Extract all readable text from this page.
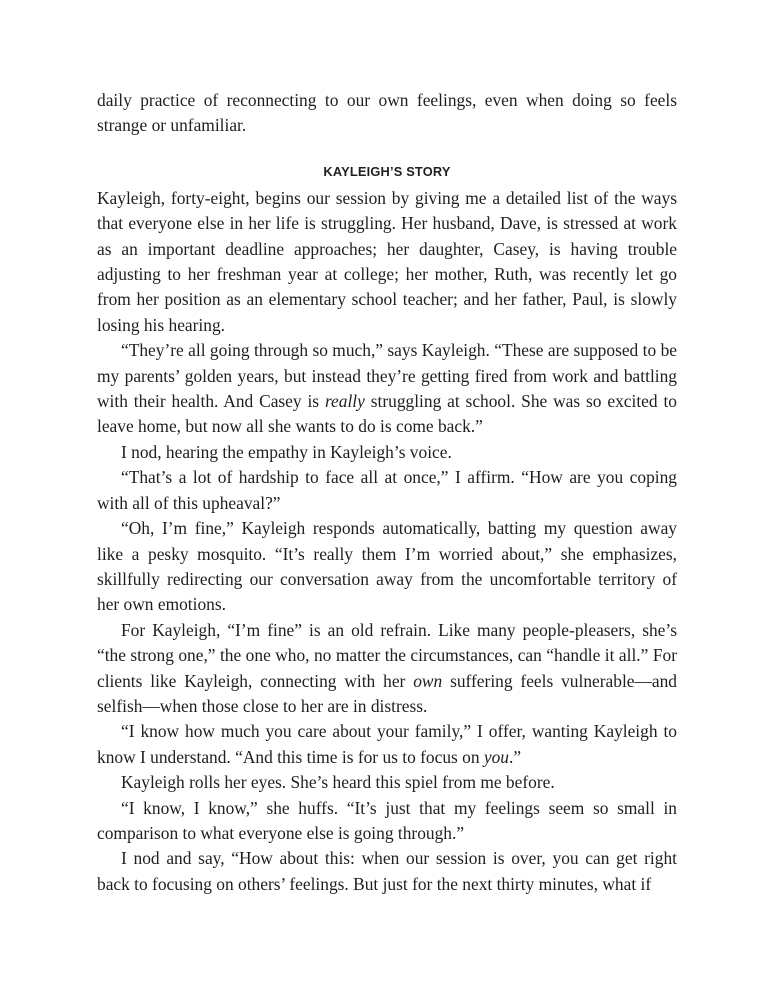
daily practice of reconnecting to our own feelings, even when doing so feels strange or unfamiliar.

KAYLEIGH’S STORY

Kayleigh, forty-eight, begins our session by giving me a detailed list of the ways that everyone else in her life is struggling. Her husband, Dave, is stressed at work as an important deadline approaches; her daughter, Casey, is having trouble adjusting to her freshman year at college; her mother, Ruth, was recently let go from her position as an elementary school teacher; and her father, Paul, is slowly losing his hearing.

“They’re all going through so much,” says Kayleigh. “These are supposed to be my parents’ golden years, but instead they’re getting fired from work and battling with their health. And Casey is really struggling at school. She was so excited to leave home, but now all she wants to do is come back.”

I nod, hearing the empathy in Kayleigh’s voice.

“That’s a lot of hardship to face all at once,” I affirm. “How are you coping with all of this upheaval?”

“Oh, I’m fine,” Kayleigh responds automatically, batting my question away like a pesky mosquito. “It’s really them I’m worried about,” she emphasizes, skillfully redirecting our conversation away from the uncomfortable territory of her own emotions.

For Kayleigh, “I’m fine” is an old refrain. Like many people-pleasers, she’s “the strong one,” the one who, no matter the circumstances, can “handle it all.” For clients like Kayleigh, connecting with her own suffering feels vulnerable—and selfish—when those close to her are in distress.

“I know how much you care about your family,” I offer, wanting Kayleigh to know I understand. “And this time is for us to focus on you.”

Kayleigh rolls her eyes. She’s heard this spiel from me before.

“I know, I know,” she huffs. “It’s just that my feelings seem so small in comparison to what everyone else is going through.”

I nod and say, “How about this: when our session is over, you can get right back to focusing on others’ feelings. But just for the next thirty minutes, what if
